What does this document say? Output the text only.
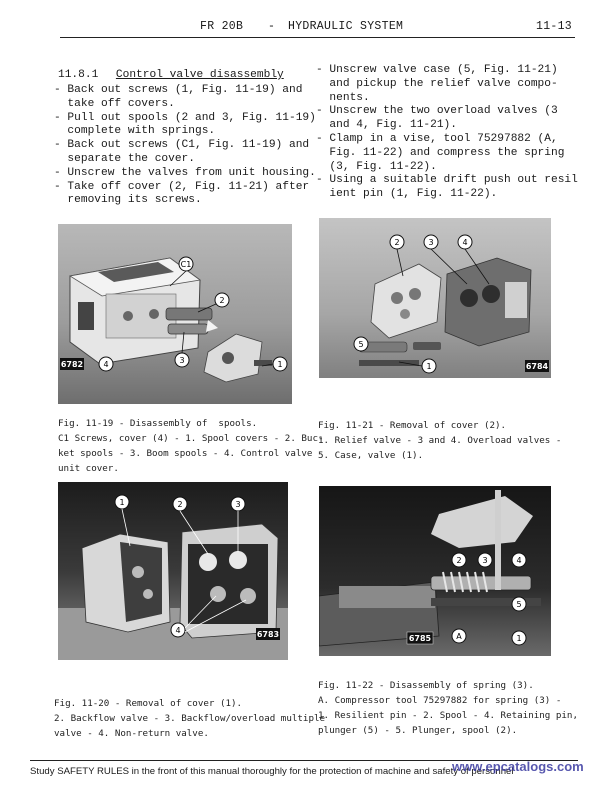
FR 20B - HYDRAULIC SYSTEM	11-13
11.8.1 Control valve disassembly
- Back out screws (1, Fig. 11-19) and
take off covers.
- Pull out spools (2 and 3, Fig. 11-19)
complete with springs.
- Back out screws (C1, Fig. 11-19) and
separate the cover.
- Unscrew the valves from unit housing.
- Take off cover (2, Fig. 11-21) after
removing its screws.
- Unscrew valve case (5, Fig. 11-21)
and pickup the relief valve compo-
nents.
- Unscrew the two overload valves (3
and 4, Fig. 11-21).
- Clamp in a vise, tool 75297882 (A,
Fig. 11-22) and compress the spring
(3, Fig. 11-22).
- Using a suitable drift push out resil
ient pin (1, Fig. 11-22).
C1
2
3
4	1
6782
2	3	4
5
1	6784
Fig. 11-19 - Disassembly of  spools.
C1 Screws, cover (4) - 1. Spool covers - 2. Buc-
ket spools - 3. Boom spools - 4. Control valve
unit cover.
Fig. 11-21 - Removal of cover (2).
1. Relief valve - 3 and 4. Overload valves -
5. Case, valve (1).
1	2	3
4	6783
2	3	4
5
A	1
6785
Fig. 11-22 - Disassembly of spring (3).
A. Compressor tool 75297882 for spring (3) -
1. Resilient pin - 2. Spool - 4. Retaining pin,
plunger (5) - 5. Plunger, spool (2).
Fig. 11-20 - Removal of cover (1).
2. Backflow valve - 3. Backflow/overload multiple
valve - 4. Non-return valve.
Study SAFETY RULES in the front of this manual thoroughly for the protection of machine and safety of personnel
www.epcatalogs.com
